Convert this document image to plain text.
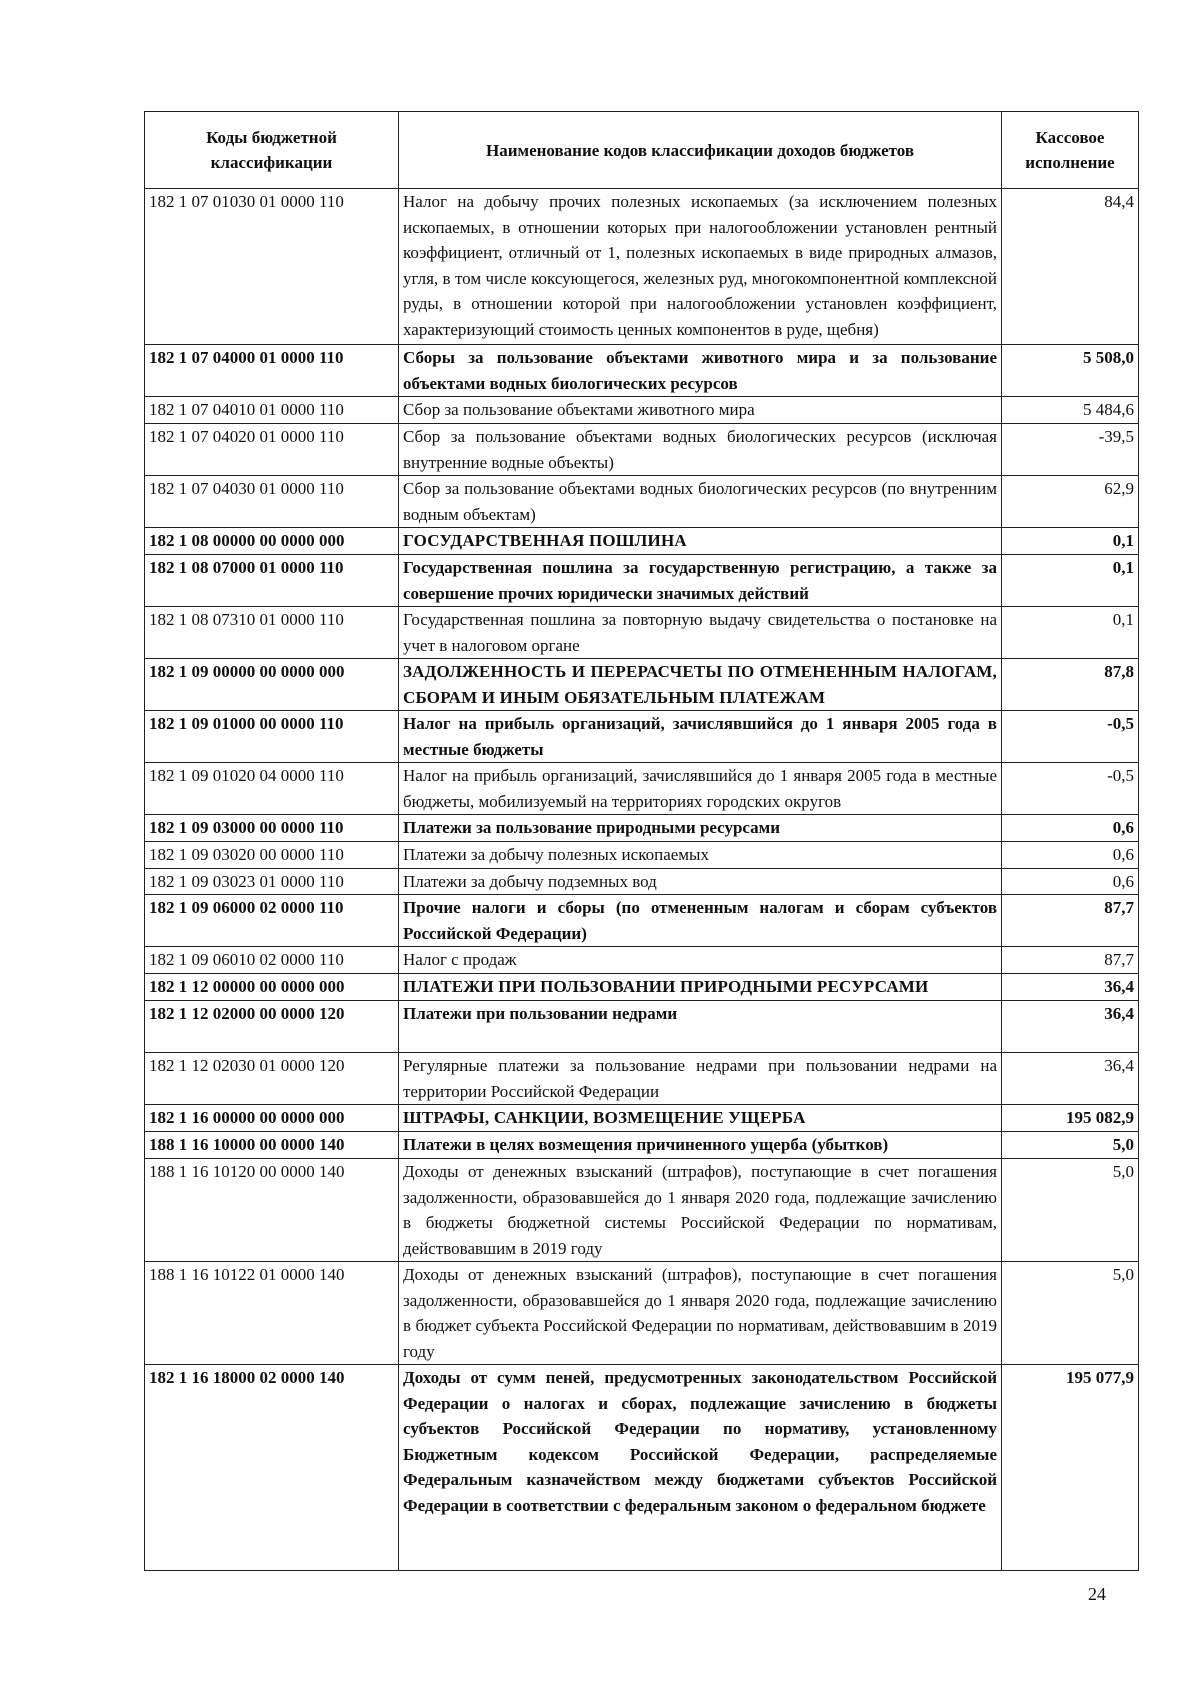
Коды бюджетной классификации	Наименование кодов классификации доходов бюджетов	Кассовое исполнение
182 1 07 01030 01 0000 110	Налог на добычу прочих полезных ископаемых (за исключением полезных ископаемых, в отношении которых при налогообложении установлен рентный коэффициент, отличный от 1, полезных ископаемых в виде природных алмазов, угля, в том числе коксующегося, железных руд, многокомпонентной комплексной руды, в отношении которой при налогообложении установлен коэффициент, характеризующий стоимость ценных компонентов в руде, щебня)	84,4
182 1 07 04000 01 0000 110	Сборы за пользование объектами животного мира и за пользование объектами водных биологических ресурсов	5 508,0
182 1 07 04010 01 0000 110	Сбор за пользование объектами животного мира	5 484,6
182 1 07 04020 01 0000 110	Сбор за пользование объектами водных биологических ресурсов (исключая внутренние водные объекты)	-39,5
182 1 07 04030 01 0000 110	Сбор за пользование объектами водных биологических ресурсов (по внутренним водным объектам)	62,9
182 1 08 00000 00 0000 000	ГОСУДАРСТВЕННАЯ ПОШЛИНА	0,1
182 1 08 07000 01 0000 110	Государственная пошлина за государственную регистрацию, а также за совершение прочих юридически значимых действий	0,1
182 1 08 07310 01 0000 110	Государственная пошлина за повторную выдачу свидетельства о постановке на учет в налоговом органе	0,1
182 1 09 00000 00 0000 000	ЗАДОЛЖЕННОСТЬ И ПЕРЕРАСЧЕТЫ ПО ОТМЕНЕННЫМ НАЛОГАМ, СБОРАМ И ИНЫМ ОБЯЗАТЕЛЬНЫМ ПЛАТЕЖАМ	87,8
182 1 09 01000 00 0000 110	Налог на прибыль организаций, зачислявшийся до 1 января 2005 года в местные бюджеты	-0,5
182 1 09 01020 04 0000 110	Налог на прибыль организаций, зачислявшийся до 1 января 2005 года в местные бюджеты, мобилизуемый на территориях городских округов	-0,5
182 1 09 03000 00 0000 110	Платежи за пользование природными ресурсами	0,6
182 1 09 03020 00 0000 110	Платежи за добычу полезных ископаемых	0,6
182 1 09 03023 01 0000 110	Платежи за добычу подземных вод	0,6
182 1 09 06000 02 0000 110	Прочие налоги и сборы (по отмененным налогам и сборам субъектов Российской Федерации)	87,7
182 1 09 06010 02 0000 110	Налог с продаж	87,7
182 1 12 00000 00 0000 000	ПЛАТЕЖИ ПРИ ПОЛЬЗОВАНИИ ПРИРОДНЫМИ РЕСУРСАМИ	36,4
182 1 12 02000 00 0000 120	Платежи при пользовании недрами	36,4
182 1 12 02030 01 0000 120	Регулярные платежи за пользование недрами при пользовании недрами на территории Российской Федерации	36,4
182 1 16 00000 00 0000 000	ШТРАФЫ, САНКЦИИ, ВОЗМЕЩЕНИЕ УЩЕРБА	195 082,9
188 1 16 10000 00 0000 140	Платежи в целях возмещения причиненного ущерба (убытков)	5,0
188 1 16 10120 00 0000 140	Доходы от денежных взысканий (штрафов), поступающие в счет погашения задолженности, образовавшейся до 1 января 2020 года, подлежащие зачислению в бюджеты бюджетной системы Российской Федерации по нормативам, действовавшим в 2019 году	5,0
188 1 16 10122 01 0000 140	Доходы от денежных взысканий (штрафов), поступающие в счет погашения задолженности, образовавшейся до 1 января 2020 года, подлежащие зачислению в бюджет субъекта Российской Федерации по нормативам, действовавшим в 2019 году	5,0
182 1 16 18000 02 0000 140	Доходы от сумм пеней, предусмотренных законодательством Российской Федерации о налогах и сборах, подлежащие зачислению в бюджеты субъектов Российской Федерации по нормативу, установленному Бюджетным кодексом Российской Федерации, распределяемые Федеральным казначейством между бюджетами субъектов Российской Федерации в соответствии с федеральным законом о федеральном бюджете	195 077,9
24
